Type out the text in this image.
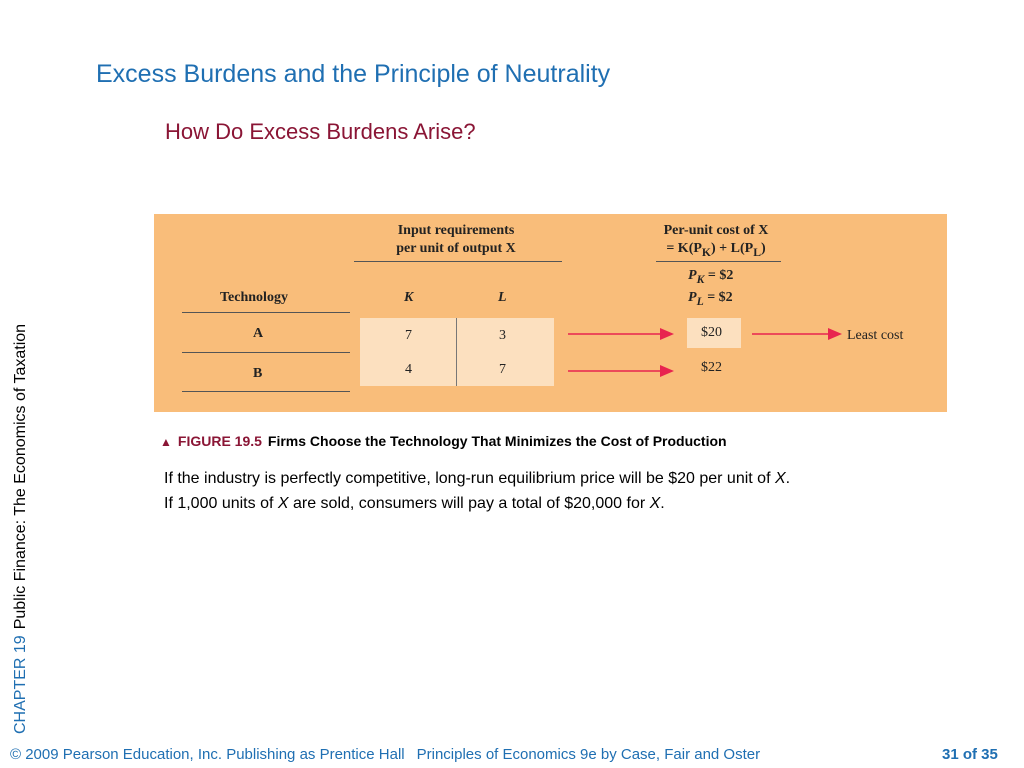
Excess Burdens and the Principle of Neutrality
How Do Excess Burdens Arise?
CHAPTER 19Public Finance: The Economics of Taxation
Input requirements
per unit of output X
Per-unit cost of X
= $K(P_K) + L(P_L)$
$P_K$ = $2
$P_L$ = $2
Technology	K	L
A	7	3	$20
B	4	7	$22
Least cost
▲ FIGURE 19.5 Firms Choose the Technology That Minimizes the Cost of Production
If the industry is perfectly competitive, long-run equilibrium price will be $20 per unit of X.
If 1,000 units of X are sold, consumers will pay a total of $20,000 for X.
© 2009 Pearson Education, Inc. Publishing as Prentice Hall Principles of Economics 9e by Case, Fair and Oster	31 of 35
